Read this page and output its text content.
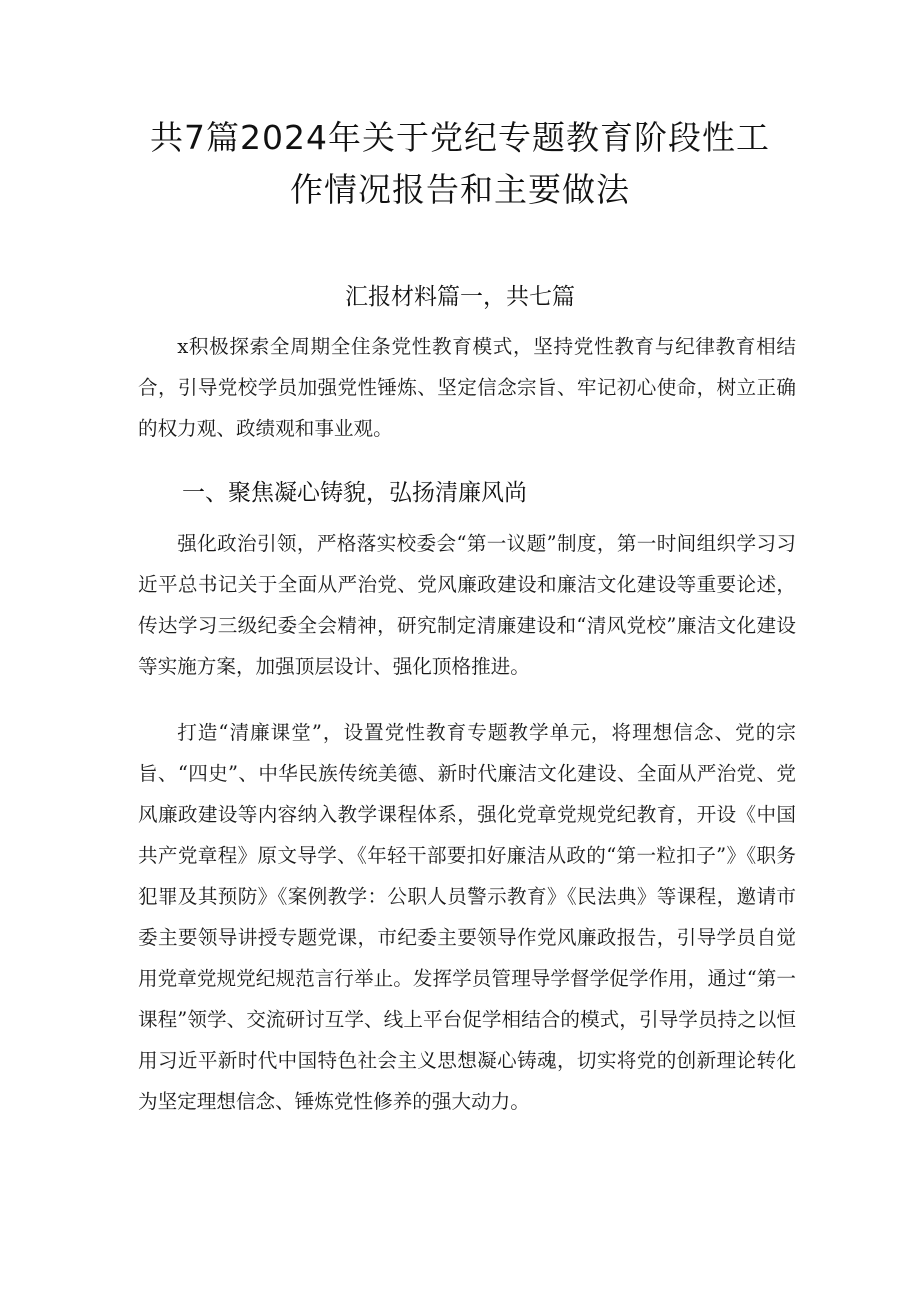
共7篇2024年关于党纪专题教育阶段性工
作情况报告和主要做法
汇报材料篇一，共七篇

x积极探索全周期全住条党性教育模式，坚持党性教育与纪律教育相结合，引导党校学员加强党性锤炼、坚定信念宗旨、牢记初心使命，树立正确的权力观、政绩观和事业观。

一、聚焦凝心铸貌，弘扬清廉风尚

强化政治引领，严格落实校委会“第一议题”制度，第一时间组织学习习近平总书记关于全面从严治党、党风廉政建设和廉洁文化建设等重要论述，传达学习三级纪委全会精神，研究制定清廉建设和“清风党校”廉洁文化建设等实施方案，加强顶层设计、强化顶格推进。

打造“清廉课堂”，设置党性教育专题教学单元，将理想信念、党的宗旨、“四史”、中华民族传统美德、新时代廉洁文化建设、全面从严治党、党风廉政建设等内容纳入教学课程体系，强化党章党规党纪教育，开设《中国共产党章程》原文导学、《年轻干部要扣好廉洁从政的“第一粒扣子”》《职务犯罪及其预防》《案例教学：公职人员警示教育》《民法典》等课程，邀请市委主要领导讲授专题党课，市纪委主要领导作党风廉政报告，引导学员自觉用党章党规党纪规范言行举止。发挥学员管理导学督学促学作用，通过“第一课程”领学、交流研讨互学、线上平台促学相结合的模式，引导学员持之以恒用习近平新时代中国特色社会主义思想凝心铸魂，切实将党的创新理论转化为坚定理想信念、锤炼党性修养的强大动力。
